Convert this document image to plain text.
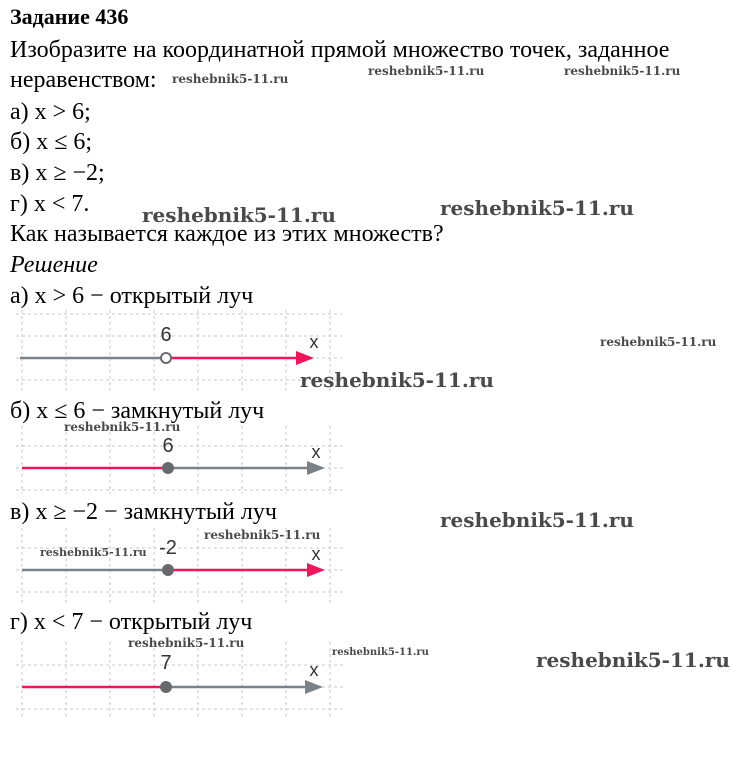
Задание 436
Изобразите на координатной прямой множество точек, заданное
неравенством:
а) x > 6;
б) x ≤ 6;
в) x ≥ −2;
г) x < 7.
Как называется каждое из этих множеств?
Решение
а) x > 6 − открытый луч
6	x
б) x ≤ 6 − замкнутый луч
6	x
в) x ≥ −2 − замкнутый луч
-2	x
г) x < 7 − открытый луч
7	x
reshebnik5-11.ru
reshebnik5-11.ru	reshebnik5-11.ru
reshebnik5-11.ru	reshebnik5-11.ru
reshebnik5-11.ru
reshebnik5-11.ru
reshebnik5-11.ru
reshebnik5-11.ru
reshebnik5-11.ru
reshebnik5-11.ru
reshebnik5-11.ru
reshebnik5-11.ru	reshebnik5-11.ru
